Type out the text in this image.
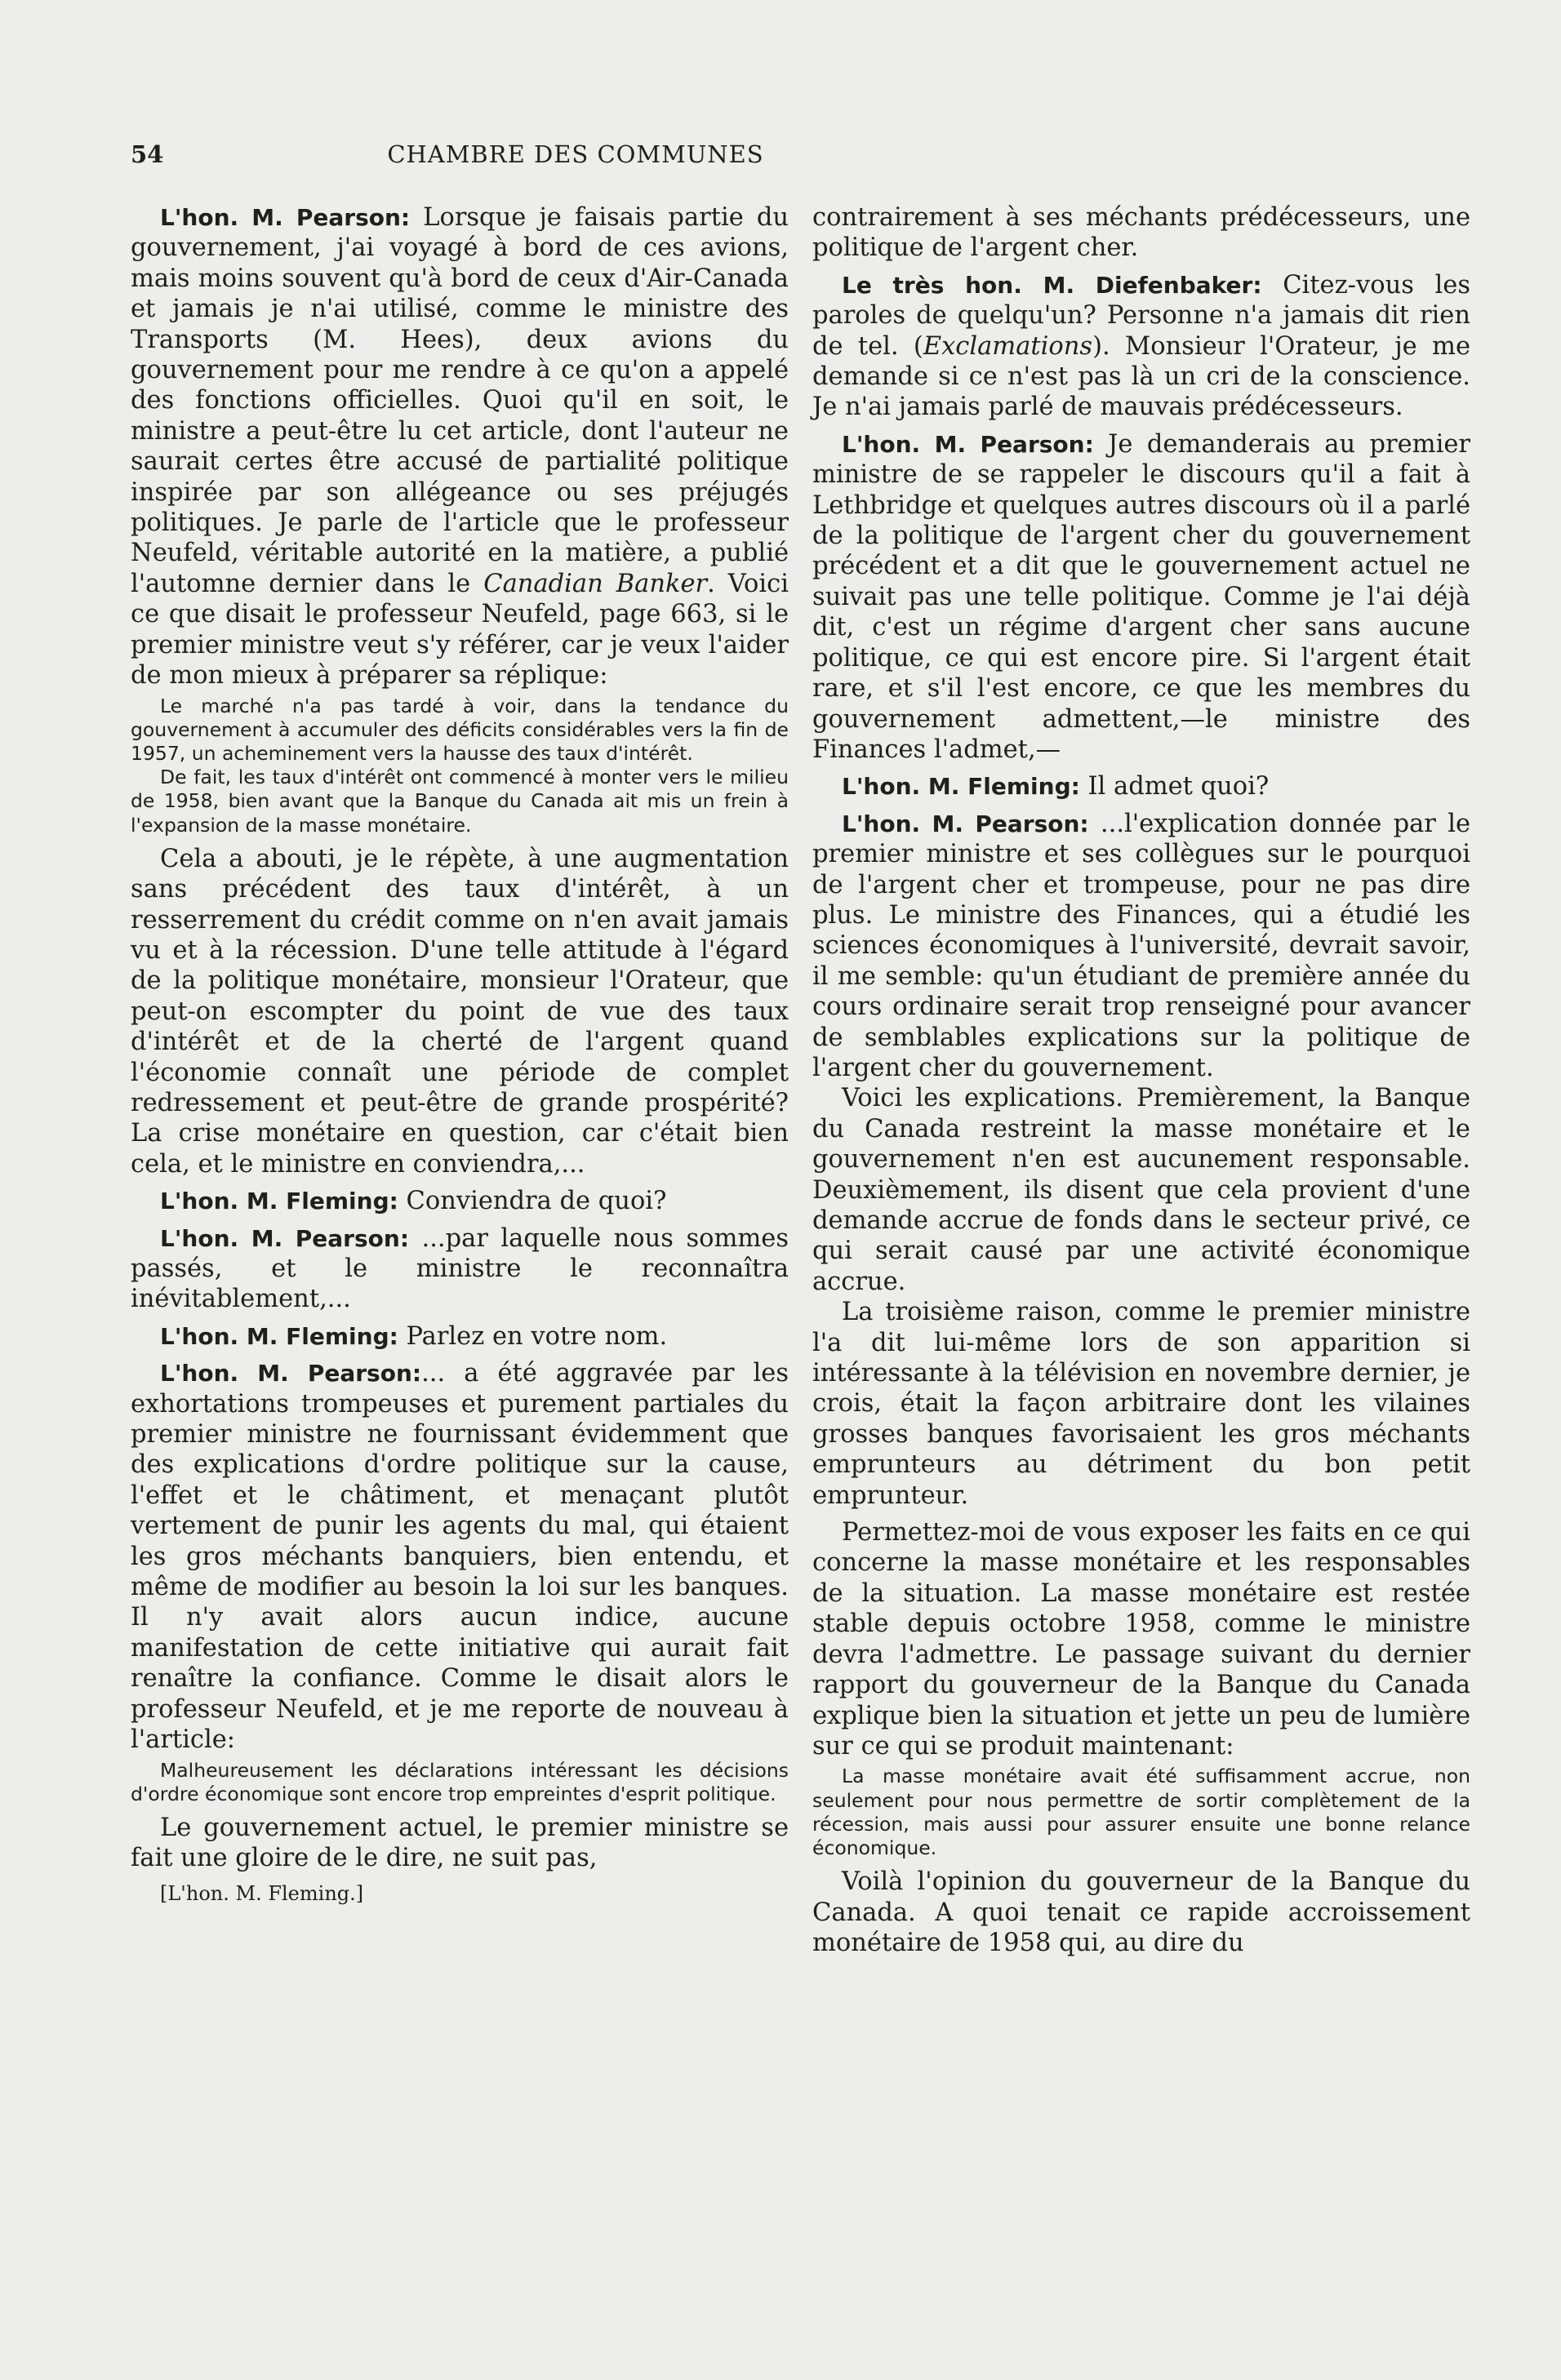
54	CHAMBRE DES COMMUNES

L'hon. M. Pearson: Lorsque je faisais partie du gouvernement, j'ai voyagé à bord de ces avions, mais moins souvent qu'à bord de ceux d'Air-Canada et jamais je n'ai utilisé, comme le ministre des Transports (M. Hees), deux avions du gouvernement pour me rendre à ce qu'on a appelé des fonctions officielles. Quoi qu'il en soit, le ministre a peut-être lu cet article, dont l'auteur ne saurait certes être accusé de partialité politique inspirée par son allégeance ou ses préjugés politiques. Je parle de l'article que le professeur Neufeld, véritable autorité en la matière, a publié l'automne dernier dans le Canadian Banker. Voici ce que disait le professeur Neufeld, page 663, si le premier ministre veut s'y référer, car je veux l'aider de mon mieux à préparer sa réplique:

Le marché n'a pas tardé à voir, dans la tendance du gouvernement à accumuler des déficits considérables vers la fin de 1957, un acheminement vers la hausse des taux d'intérêt.

De fait, les taux d'intérêt ont commencé à monter vers le milieu de 1958, bien avant que la Banque du Canada ait mis un frein à l'expansion de la masse monétaire.

Cela a abouti, je le répète, à une augmentation sans précédent des taux d'intérêt, à un resserrement du crédit comme on n'en avait jamais vu et à la récession. D'une telle attitude à l'égard de la politique monétaire, monsieur l'Orateur, que peut-on escompter du point de vue des taux d'intérêt et de la cherté de l'argent quand l'économie connaît une période de complet redressement et peut-être de grande prospérité? La crise monétaire en question, car c'était bien cela, et le ministre en conviendra,...

L'hon. M. Fleming: Conviendra de quoi?

L'hon. M. Pearson: ...par laquelle nous sommes passés, et le ministre le reconnaîtra inévitablement,...

L'hon. M. Fleming: Parlez en votre nom.

L'hon. M. Pearson:... a été aggravée par les exhortations trompeuses et purement partiales du premier ministre ne fournissant évidemment que des explications d'ordre politique sur la cause, l'effet et le châtiment, et menaçant plutôt vertement de punir les agents du mal, qui étaient les gros méchants banquiers, bien entendu, et même de modifier au besoin la loi sur les banques. Il n'y avait alors aucun indice, aucune manifestation de cette initiative qui aurait fait renaître la confiance. Comme le disait alors le professeur Neufeld, et je me reporte de nouveau à l'article:

Malheureusement les déclarations intéressant les décisions d'ordre économique sont encore trop empreintes d'esprit politique.

Le gouvernement actuel, le premier ministre se fait une gloire de le dire, ne suit pas,

[L'hon. M. Fleming.]

contrairement à ses méchants prédécesseurs, une politique de l'argent cher.

Le très hon. M. Diefenbaker: Citez-vous les paroles de quelqu'un? Personne n'a jamais dit rien de tel. (Exclamations). Monsieur l'Orateur, je me demande si ce n'est pas là un cri de la conscience. Je n'ai jamais parlé de mauvais prédécesseurs.

L'hon. M. Pearson: Je demanderais au premier ministre de se rappeler le discours qu'il a fait à Lethbridge et quelques autres discours où il a parlé de la politique de l'argent cher du gouvernement précédent et a dit que le gouvernement actuel ne suivait pas une telle politique. Comme je l'ai déjà dit, c'est un régime d'argent cher sans aucune politique, ce qui est encore pire. Si l'argent était rare, et s'il l'est encore, ce que les membres du gouvernement admettent,—le ministre des Finances l'admet,—

L'hon. M. Fleming: Il admet quoi?

L'hon. M. Pearson: ...l'explication donnée par le premier ministre et ses collègues sur le pourquoi de l'argent cher et trompeuse, pour ne pas dire plus. Le ministre des Finances, qui a étudié les sciences économiques à l'université, devrait savoir, il me semble: qu'un étudiant de première année du cours ordinaire serait trop renseigné pour avancer de semblables explications sur la politique de l'argent cher du gouvernement.

Voici les explications. Premièrement, la Banque du Canada restreint la masse monétaire et le gouvernement n'en est aucunement responsable. Deuxièmement, ils disent que cela provient d'une demande accrue de fonds dans le secteur privé, ce qui serait causé par une activité économique accrue.

La troisième raison, comme le premier ministre l'a dit lui-même lors de son apparition si intéressante à la télévision en novembre dernier, je crois, était la façon arbitraire dont les vilaines grosses banques favorisaient les gros méchants emprunteurs au détriment du bon petit emprunteur.

Permettez-moi de vous exposer les faits en ce qui concerne la masse monétaire et les responsables de la situation. La masse monétaire est restée stable depuis octobre 1958, comme le ministre devra l'admettre. Le passage suivant du dernier rapport du gouverneur de la Banque du Canada explique bien la situation et jette un peu de lumière sur ce qui se produit maintenant:

La masse monétaire avait été suffisamment accrue, non seulement pour nous permettre de sortir complètement de la récession, mais aussi pour assurer ensuite une bonne relance économique.

Voilà l'opinion du gouverneur de la Banque du Canada. A quoi tenait ce rapide accroissement monétaire de 1958 qui, au dire du
